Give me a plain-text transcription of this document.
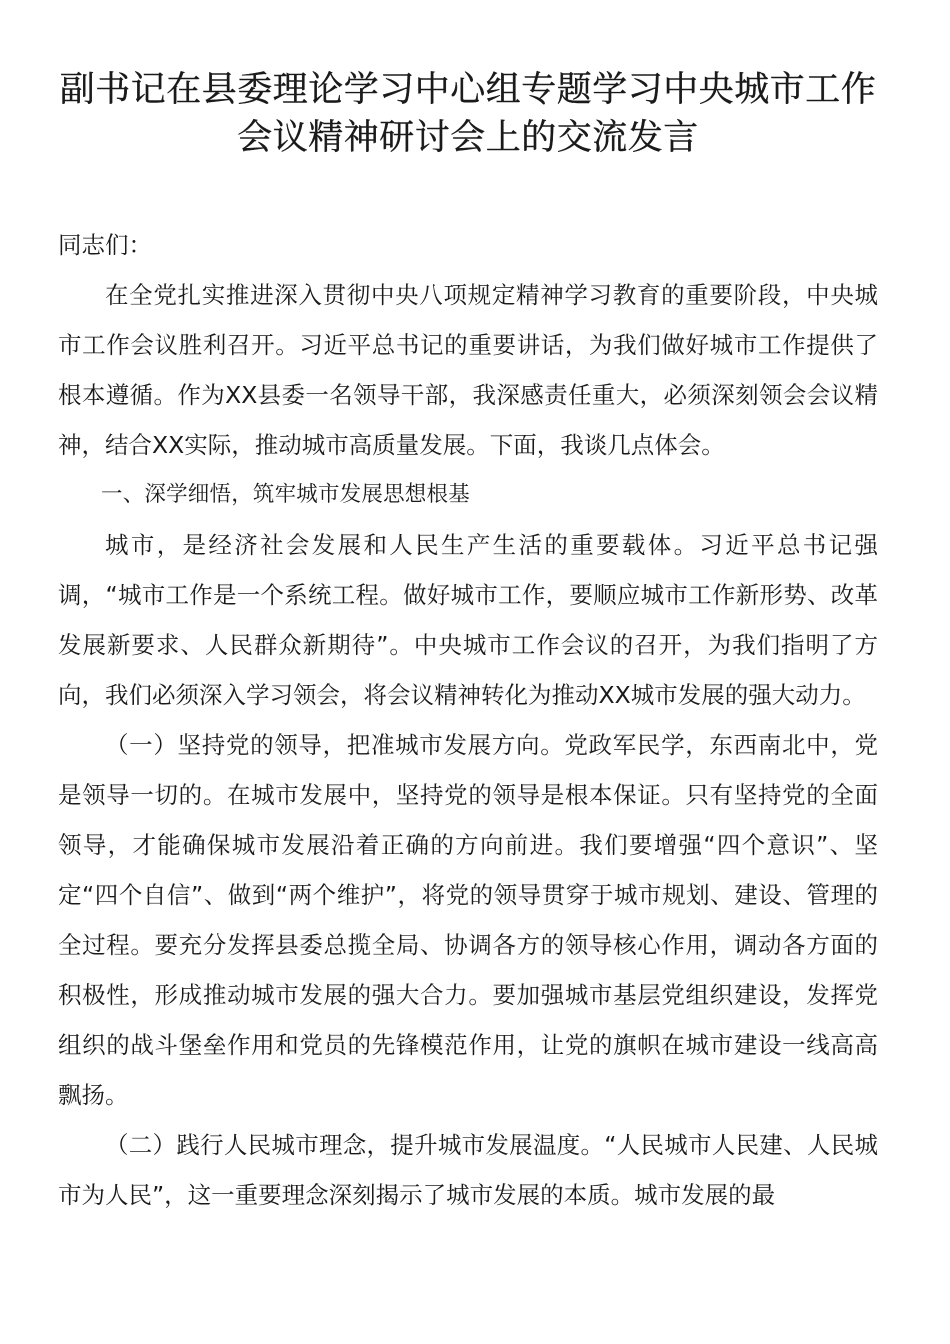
副书记在县委理论学习中心组专题学习中央城市工作
会议精神研讨会上的交流发言

同志们：

在全党扎实推进深入贯彻中央八项规定精神学习教育的重要阶段，中央城市工作会议胜利召开。习近平总书记的重要讲话，为我们做好城市工作提供了根本遵循。作为XX县委一名领导干部，我深感责任重大，必须深刻领会会议精神，结合XX实际，推动城市高质量发展。下面，我谈几点体会。

一、深学细悟，筑牢城市发展思想根基

城市，是经济社会发展和人民生产生活的重要载体。习近平总书记强调，“城市工作是一个系统工程。做好城市工作，要顺应城市工作新形势、改革发展新要求、人民群众新期待”。中央城市工作会议的召开，为我们指明了方向，我们必须深入学习领会，将会议精神转化为推动XX城市发展的强大动力。

（一）坚持党的领导，把准城市发展方向。党政军民学，东西南北中，党是领导一切的。在城市发展中，坚持党的领导是根本保证。只有坚持党的全面领导，才能确保城市发展沿着正确的方向前进。我们要增强“四个意识”、坚定“四个自信”、做到“两个维护”，将党的领导贯穿于城市规划、建设、管理的全过程。要充分发挥县委总揽全局、协调各方的领导核心作用，调动各方面的积极性，形成推动城市发展的强大合力。要加强城市基层党组织建设，发挥党组织的战斗堡垒作用和党员的先锋模范作用，让党的旗帜在城市建设一线高高飘扬。

（二）践行人民城市理念，提升城市发展温度。“人民城市人民建、人民城市为人民”，这一重要理念深刻揭示了城市发展的本质。城市发展的最
